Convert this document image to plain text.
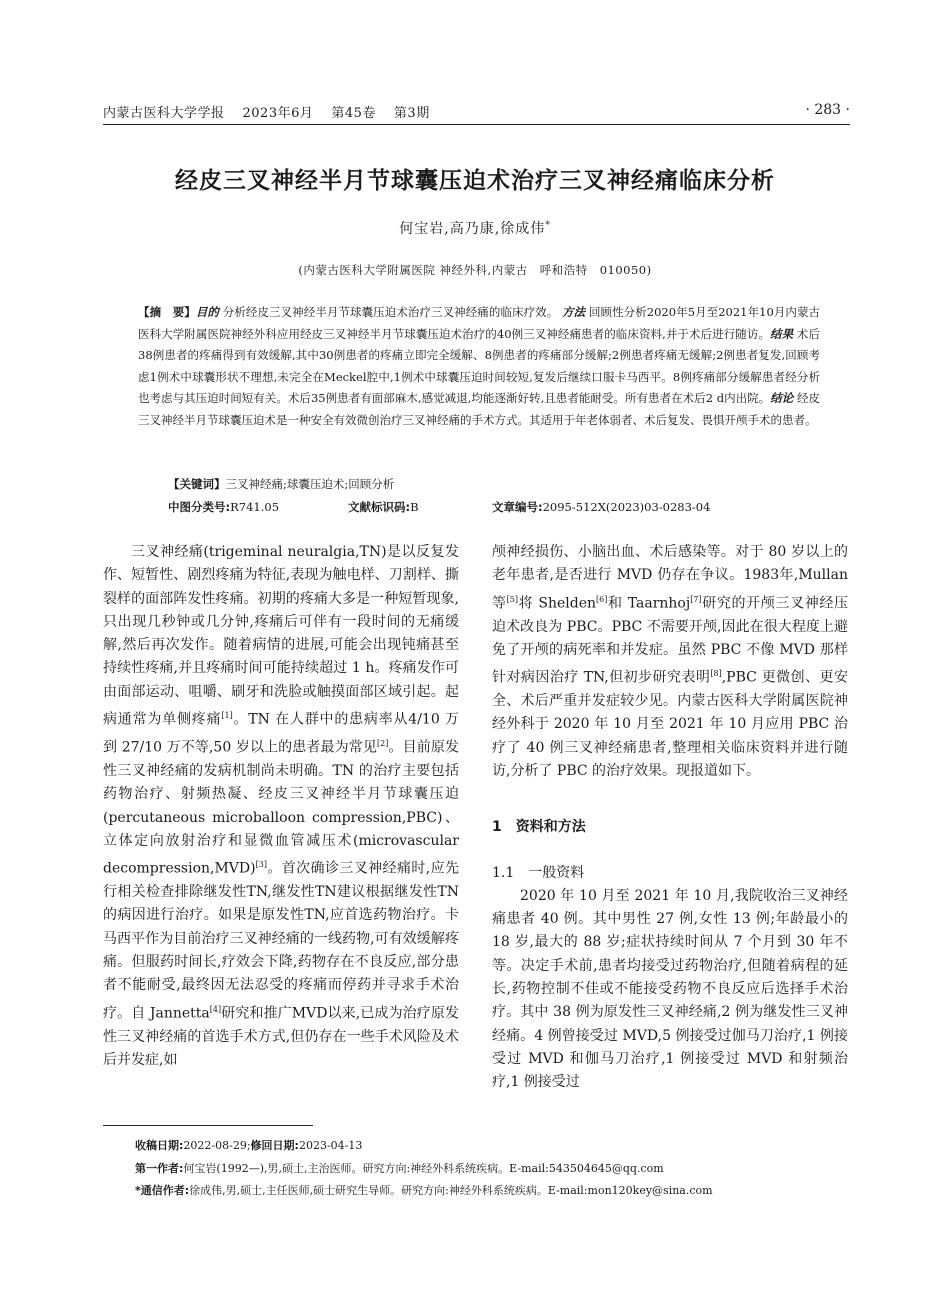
内蒙古医科大学学报 2023年6月 第45卷 第3期	· 283 ·
经皮三叉神经半月节球囊压迫术治疗三叉神经痛临床分析
何宝岩,高乃康,徐成伟*
(内蒙古医科大学附属医院 神经外科,内蒙古　呼和浩特　010050)
【摘　要】目的 分析经皮三叉神经半月节球囊压迫术治疗三叉神经痛的临床疗效。 方法 回顾性分析2020年5月至2021年10月内蒙古医科大学附属医院神经外科应用经皮三叉神经半月节球囊压迫术治疗的40例三叉神经痛患者的临床资料,并于术后进行随访。结果 术后38例患者的疼痛得到有效缓解,其中30例患者的疼痛立即完全缓解、8例患者的疼痛部分缓解;2例患者疼痛无缓解;2例患者复发,回顾考虑1例术中球囊形状不理想,未完全在Meckel腔中,1例术中球囊压迫时间较短,复发后继续口服卡马西平。8例疼痛部分缓解患者经分析也考虑与其压迫时间短有关。术后35例患者有面部麻木,感觉减退,均能逐渐好转,且患者能耐受。所有患者在术后2 d内出院。结论 经皮三叉神经半月节球囊压迫术是一种安全有效微创治疗三叉神经痛的手术方式。其适用于年老体弱者、术后复发、畏惧开颅手术的患者。
【关键词】三叉神经痛;球囊压迫术;回顾分析
中图分类号:R741.05	文献标识码:B	文章编号:2095-512X(2023)03-0283-04

三叉神经痛(trigeminal neuralgia,TN)是以反复发作、短暂性、剧烈疼痛为特征,表现为触电样、刀割样、撕裂样的面部阵发性疼痛。初期的疼痛大多是一种短暂现象,只出现几秒钟或几分钟,疼痛后可伴有一段时间的无痛缓解,然后再次发作。随着病情的进展,可能会出现钝痛甚至持续性疼痛,并且疼痛时间可能持续超过 1 h。疼痛发作可由面部运动、咀嚼、刷牙和洗脸或触摸面部区域引起。起病通常为单侧疼痛[1]。TN 在人群中的患病率从4/10 万 到 27/10 万不等,50 岁以上的患者最为常见[2]。目前原发性三叉神经痛的发病机制尚未明确。TN 的治疗主要包括药物治疗、射频热凝、经皮三叉神经半月节球囊压迫(percutaneous microballoon compression,PBC)、立体定向放射治疗和显微血管减压术(microvascular decompression,MVD)[3]。首次确诊三叉神经痛时,应先行相关检查排除继发性TN,继发性TN建议根据继发性TN的病因进行治疗。如果是原发性TN,应首选药物治疗。卡马西平作为目前治疗三叉神经痛的一线药物,可有效缓解疼痛。但服药时间长,疗效会下降,药物存在不良反应,部分患者不能耐受,最终因无法忍受的疼痛而停药并寻求手术治疗。自 Jannetta[4]研究和推广MVD以来,已成为治疗原发性三叉神经痛的首选手术方式,但仍存在一些手术风险及术后并发症,如

颅神经损伤、小脑出血、术后感染等。对于 80 岁以上的老年患者,是否进行 MVD 仍存在争议。1983年,Mullan 等[5]将 Shelden[6]和 Taarnhoj[7]研究的开颅三叉神经压迫术改良为 PBC。PBC 不需要开颅,因此在很大程度上避免了开颅的病死率和并发症。虽然 PBC 不像 MVD 那样针对病因治疗 TN,但初步研究表明[8],PBC 更微创、更安全、术后严重并发症较少见。内蒙古医科大学附属医院神经外科于 2020 年 10 月至 2021 年 10 月应用 PBC 治疗了 40 例三叉神经痛患者,整理相关临床资料并进行随访,分析了 PBC 的治疗效果。现报道如下。

1　资料和方法

1.1　一般资料

2020 年 10 月至 2021 年 10 月,我院收治三叉神经痛患者 40 例。其中男性 27 例,女性 13 例;年龄最小的 18 岁,最大的 88 岁;症状持续时间从 7 个月到 30 年不等。决定手术前,患者均接受过药物治疗,但随着病程的延长,药物控制不佳或不能接受药物不良反应后选择手术治疗。其中 38 例为原发性三叉神经痛,2 例为继发性三叉神经痛。4 例曾接受过 MVD,5 例接受过伽马刀治疗,1 例接受过 MVD 和伽马刀治疗,1 例接受过 MVD 和射频治疗,1 例接受过

收稿日期:2022-08-29;修回日期:2023-04-13
第一作者:何宝岩(1992—),男,硕士,主治医师。研究方向:神经外科系统疾病。E-mail:543504645@qq.com
*通信作者:徐成伟,男,硕士,主任医师,硕士研究生导师。研究方向:神经外科系统疾病。E-mail:mon120key@sina.com
